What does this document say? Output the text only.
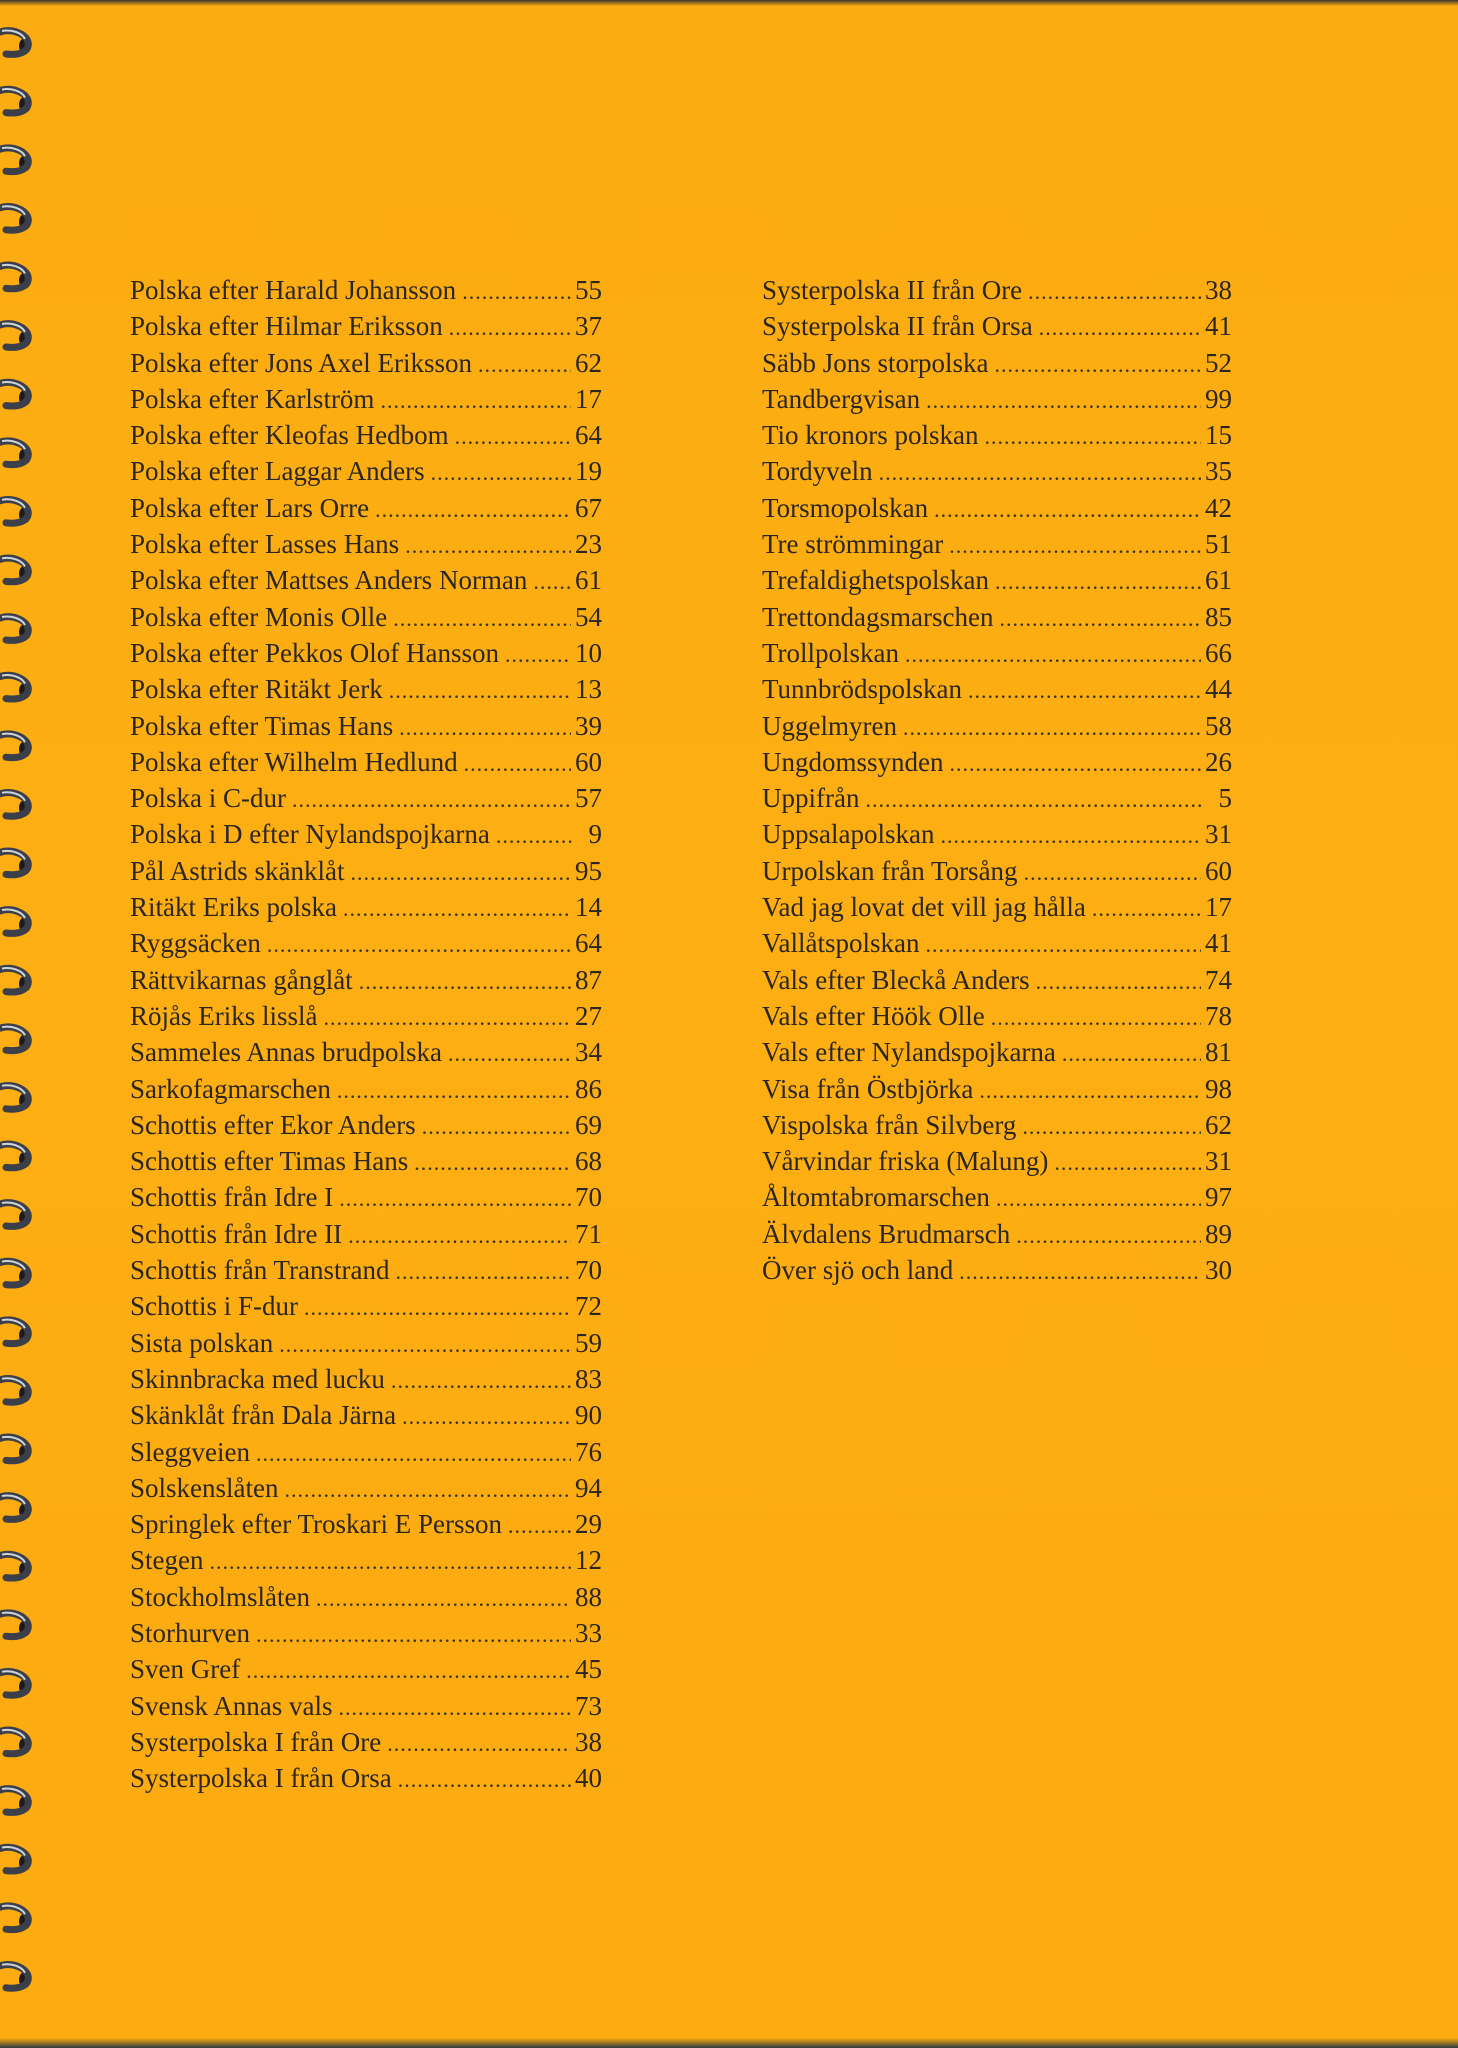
Polska efter Harald Johansson .....	55
Polska efter Hilmar Eriksson .....	37
Polska efter Jons Axel Eriksson .....	62
Polska efter Karlström .....	17
Polska efter Kleofas Hedbom .....	64
Polska efter Laggar Anders .....	19
Polska efter Lars Orre .....	67
Polska efter Lasses Hans .....	23
Polska efter Mattses Anders Norman ..... 61
Polska efter Monis Olle .....	54
Polska efter Pekkos Olof Hansson .....	10
Polska efter Ritäkt Jerk .....	13
Polska efter Timas Hans .....	39
Polska efter Wilhelm Hedlund .....	60
Polska i C-dur .....	57
Polska i D efter Nylandspojkarna .....	9
Pål Astrids skänklåt .....	95
Ritäkt Eriks polska .....	14
Ryggsäcken .....	64
Rättvikarnas gånglåt .....	87
Röjås Eriks lisslå .....	27
Sammeles Annas brudpolska .....	34
Sarkofagmarschen .....	86
Schottis efter Ekor Anders .....	69
Schottis efter Timas Hans .....	68
Schottis från Idre I .....	70
Schottis från Idre II .....	71
Schottis från Transtrand .....	70
Schottis i F-dur .....	72
Sista polskan .....	59
Skinnbracka med lucku .....	83
Skänklåt från Dala Järna .....	90
Sleggveien .....	76
Solskenslåten .....	94
Springlek efter Troskari E Persson .....	29
Stegen .....	12
Stockholmslåten .....	88
Storhurven .....	33
Sven Gref .....	45
Svensk Annas vals .....	73
Systerpolska I från Ore .....	38
Systerpolska I från Orsa .....	40
Systerpolska II från Ore .....	38
Systerpolska II från Orsa .....	41
Säbb Jons storpolska .....	52
Tandbergvisan .....	99
Tio kronors polskan .....	15
Tordyveln .....	35
Torsmopolskan .....	42
Tre strömmingar .....	51
Trefaldighetspolskan .....	61
Trettondagsmarschen .....	85
Trollpolskan .....	66
Tunnbrödspolskan .....	44
Uggelmyren .....	58
Ungdomssynden .....	26
Uppifrån .....	5
Uppsalapolskan .....	31
Urpolskan från Torsång .....	60
Vad jag lovat det vill jag hålla .....	17
Vallåtspolskan .....	41
Vals efter Bleckå Anders .....	74
Vals efter Höök Olle .....	78
Vals efter Nylandspojkarna .....	81
Visa från Östbjörka .....	98
Vispolska från Silvberg .....	62
Vårvindar friska (Malung) .....	31
Åltomtabromarschen .....	97
Älvdalens Brudmarsch .....	89
Över sjö och land .....	30
